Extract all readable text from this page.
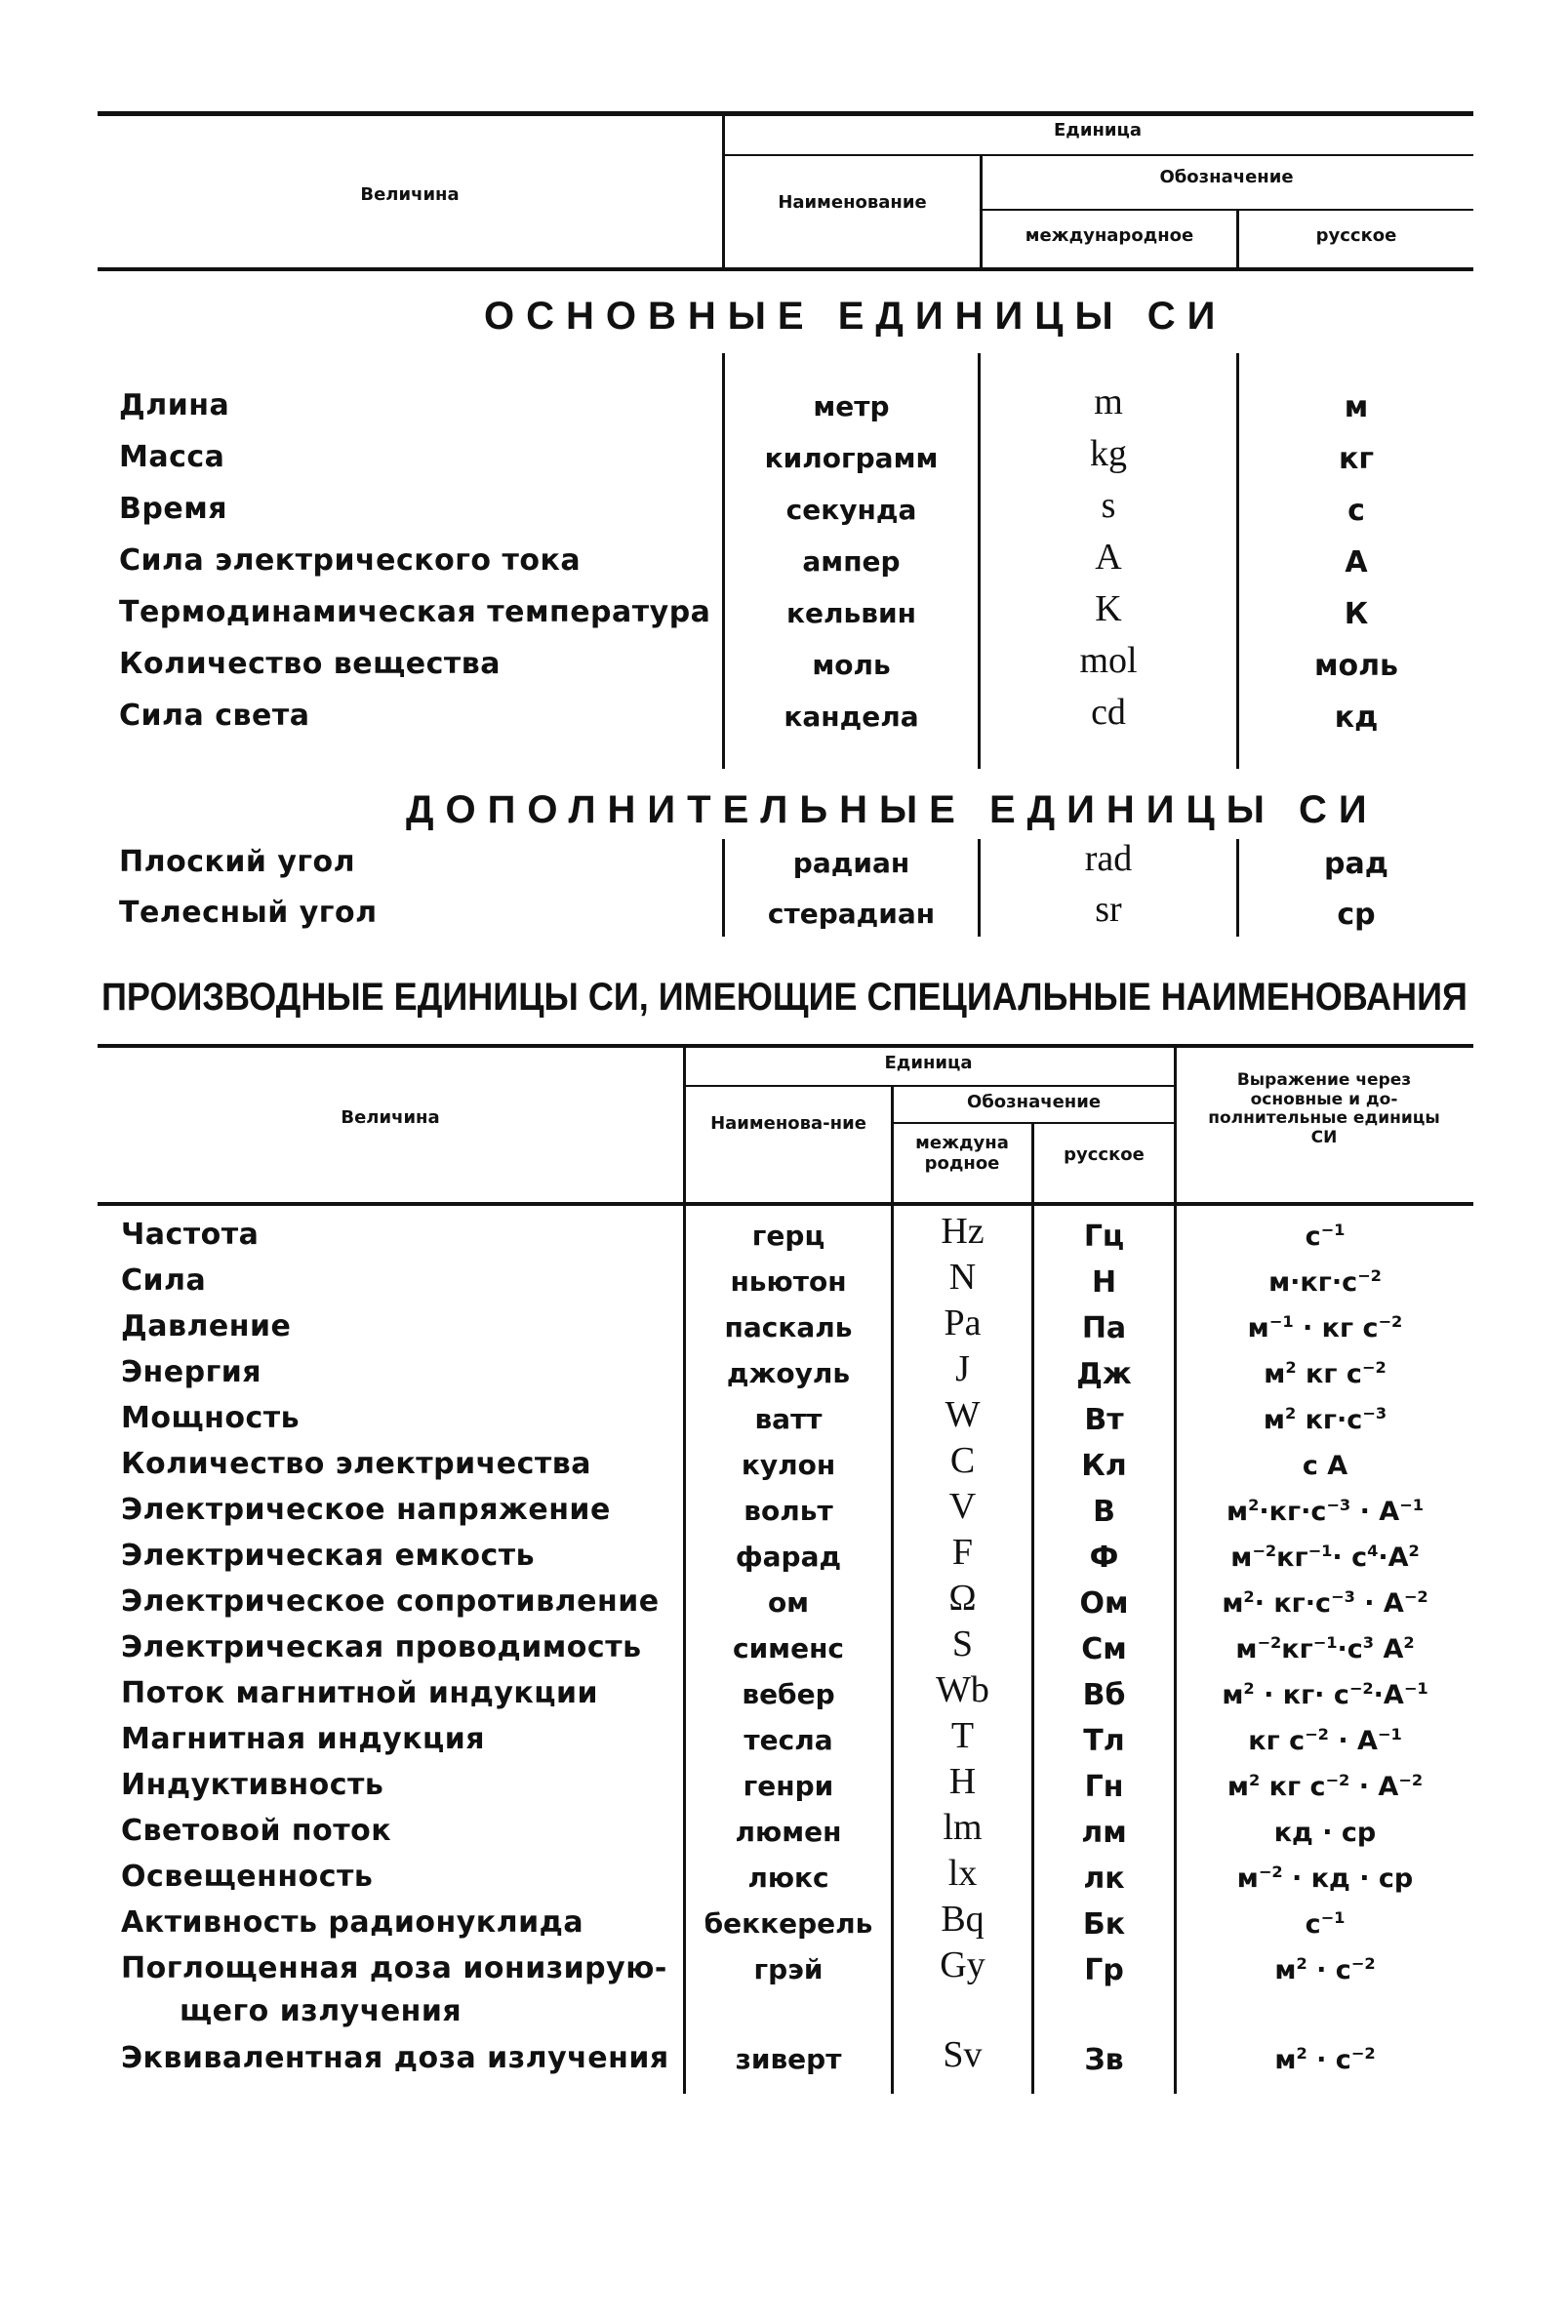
Величина
Единица
Наименование
Обозначение
международное	русское
ОСНОВНЫЕ ЕДИНИЦЫ СИ
Длина	метр	m	м
Масса	килограмм	kg	кг
Время	секунда	s	с
Сила электрического тока	ампер	A	А
Термодинамическая температура	кельвин	K	К
Количество вещества	моль	mol	моль
Сила света	кандела	cd	кд
ДОПОЛНИТЕЛЬНЫЕ ЕДИНИЦЫ СИ
Плоский угол	радиан	rad	рад
Телесный угол	стерадиан	sr	ср
ПРОИЗВОДНЫЕ ЕДИНИЦЫ СИ, ИМЕЮЩИЕ СПЕЦИАЛЬНЫЕ НАИМЕНОВАНИЯ
Величина
Единица
Наименова-ние
Обозначение
междуна родное	русское
Выражение через основные и до-полнительные единицы СИ
Частота	герц	Hz	Гц	$с^{-1}$
Сила	ньютон	N	Н	$м\cdot кг\cdot с^{-2}$
Давление	паскаль	Pa	Па	$м^{-1}$ · кг $с^{-2}$
Энергия	джоуль	J	Дж	$м^2$ кг $с^{-2}$
Мощность	ватт	W	Вт	$м^2$ $кг\cdot с^{-3}$
Количество электричества	кулон	C	Кл	с А
Электрическое напряжение	вольт	V	В	$м^2\cdot кг\cdot с^{-3} \cdot А^{-1}$
Электрическая емкость	фарад	F	Ф	$м^{-2}кг^{-1}\cdot с^4\cdot А^2$
Электрическое сопротивление	ом	Ω	Ом	$м^2\cdot кг\cdot с^{-3} \cdot А^{-2}$
Электрическая проводимость	сименс	S	См	$м^{-2}кг^{-1}\cdot с^3$ $А^2$
Поток магнитной индукции	вебер	Wb	Вб	$м^2 \cdot кг\cdot с^{-2}\cdot А^{-1}$
Магнитная индукция	тесла	T	Тл	кг $с^{-2} \cdot А^{-1}$
Индуктивность	генри	H	Гн	$м^2$ кг $с^{-2} \cdot А^{-2}$
Световой поток	люмен	lm	лм	кд · ср
Освещенность	люкс	lx	лк	$м^{-2}$ · кд · ср
Активность радионуклида	беккерель	Bq	Бк	$с^{-1}$
Поглощенная доза ионизирую-
щего излучения
грэй	Gy	Гр	$м^2 \cdot с^{-2}$
Эквивалентная доза излучения	зиверт	Sv	Зв	$м^2 \cdot с^{-2}$
